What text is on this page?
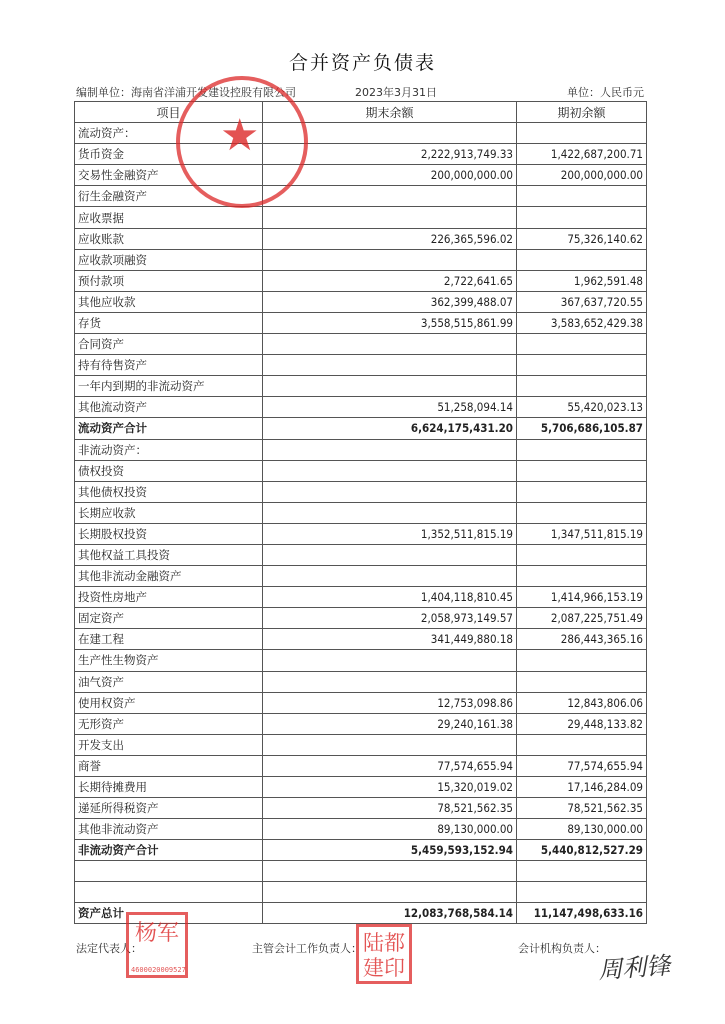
合并资产负债表
编制单位：海南省洋浦开发建设控股有限公司	2023年3月31日	单位：人民币元
项目	期末余额	期初余额
流动资产：		
货币资金	2,222,913,749.33	1,422,687,200.71
交易性金融资产	200,000,000.00	200,000,000.00
衍生金融资产		
应收票据		
应收账款	226,365,596.02	75,326,140.62
应收款项融资		
预付款项	2,722,641.65	1,962,591.48
其他应收款	362,399,488.07	367,637,720.55
存货	3,558,515,861.99	3,583,652,429.38
合同资产		
持有待售资产		
一年内到期的非流动资产		
其他流动资产	51,258,094.14	55,420,023.13
流动资产合计	6,624,175,431.20	5,706,686,105.87
非流动资产：		
债权投资		
其他债权投资		
长期应收款		
长期股权投资	1,352,511,815.19	1,347,511,815.19
其他权益工具投资		
其他非流动金融资产		
投资性房地产	1,404,118,810.45	1,414,966,153.19
固定资产	2,058,973,149.57	2,087,225,751.49
在建工程	341,449,880.18	286,443,365.16
生产性生物资产		
油气资产		
使用权资产	12,753,098.86	12,843,806.06
无形资产	29,240,161.38	29,448,133.82
开发支出		
商誉	77,574,655.94	77,574,655.94
长期待摊费用	15,320,019.02	17,146,284.09
递延所得税资产	78,521,562.35	78,521,562.35
其他非流动资产	89,130,000.00	89,130,000.00
非流动资产合计	5,459,593,152.94	5,440,812,527.29

资产总计	12,083,768,584.14	11,147,498,633.16
★
法定代表人：	主管会计工作负责人：	会计机构负责人：
杨军
4600020009527
陆都建印	周利锋
